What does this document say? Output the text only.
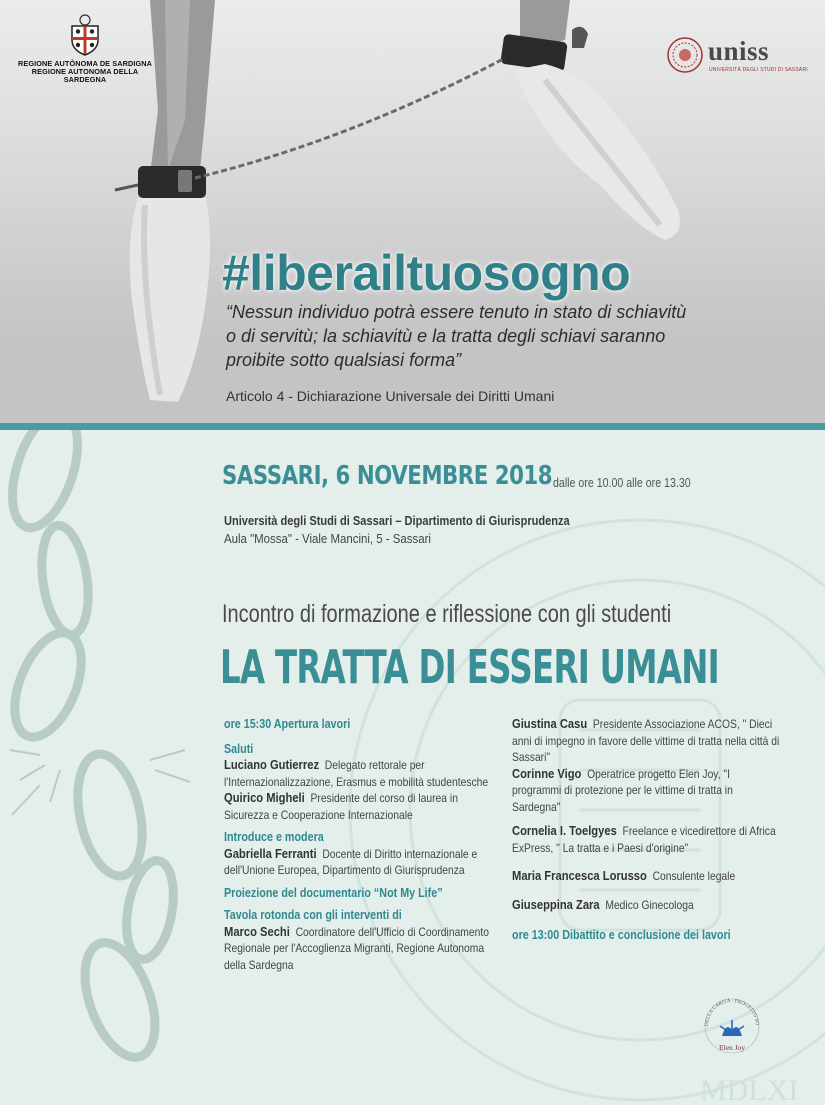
REGIONE AUTÒNOMA DE SARDIGNA
REGIONE AUTONOMA DELLA SARDEGNA
uniss
UNIVERSITÀ DEGLI STUDI DI SASSARI
#liberailtuosogno
“Nessun individuo potrà essere tenuto in stato di schiavitù o di servitù; la schiavitù e la tratta degli schiavi saranno proibite sotto qualsiasi forma”
Articolo 4 - Dichiarazione Universale dei Diritti Umani
MDLXI
SASSARI, 6 NOVEMBRE 2018 dalle ore 10.00 alle ore 13.30
Università degli Studi di Sassari – Dipartimento di Giurisprudenza
Aula "Mossa" - Viale Mancini, 5 - Sassari
Incontro di formazione e riflessione con gli studenti
LA TRATTA DI ESSERI UMANI
ore 15:30 Apertura lavori
Saluti
Luciano Gutierrez Delegato rettorale per l'Internazionalizzazione, Erasmus e mobilità studentesche
Quirico Migheli Presidente del corso di laurea in Sicurezza e Cooperazione Internazionale
Introduce e modera
Gabriella Ferranti Docente di Diritto internazionale e dell'Unione Europea, Dipartimento di Giurisprudenza
Proiezione del documentario “Not My Life”
Tavola rotonda con gli interventi di
Marco Sechi Coordinatore dell'Ufficio di Coordinamento Regionale per l'Accoglienza Migranti, Regione Autonoma della Sardegna
Giustina Casu Presidente Associazione ACOS, " Dieci anni di impegno in favore delle vittime di tratta nella città di Sassari"
Corinne Vigo Operatrice progetto Elen Joy, "I programmi di protezione per le vittime di tratta in Sardegna"
Cornelia I. Toelgyes Freelance e vicedirettore di Africa ExPress, " La tratta e i Paesi d'origine"
Maria Francesca Lorusso Consulente legale
Giuseppina Zara Medico Ginecologa
ore 13:00 Dibattito e conclusione dei lavori
DELLA CARITÀ · PROGETTO SO
Elen Joy
